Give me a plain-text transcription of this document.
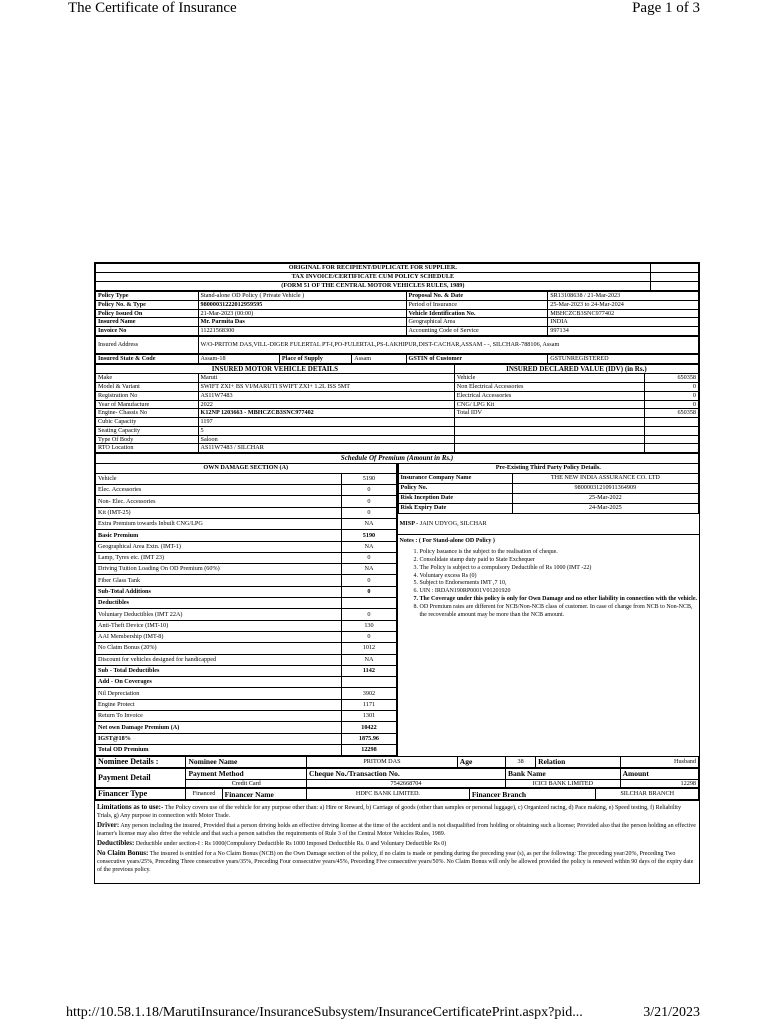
The Certificate of Insurance	Page 1 of 3
ORIGINAL FOR RECIPIENT/DUPLICATE FOR SUPPLIER.	
TAX INVOICE/CERTIFICATE CUM POLICY SCHEDULE	
(FORM 51 OF THE CENTRAL MOTOR VEHICLES RULES, 1989)	
Policy Type	Stand-alone OD Policy ( Private Vehicle )	Proposal No. & Date	SR13108638 / 21-Mar-2023
Policy No. & Type	98000031222012959595	Period of Insurance	25-Mar-2023 to 24-Mar-2024
Policy Issued On	21-Mar-2023 (00:00)	Vehicle Identification No.	MBHCZCB3SNC977402
Insured Name	Mr. Parmita Das	Geographical Area	INDIA
Invoice No	11221568300	Accounting Code of Service	997134
Insured Address	W/O-PRITOM DAS,VILL-DIGER FULERTAL PT-I,PO-FULERTAL,PS-LAKHIPUR,DIST-CACHAR,ASSAM - -, SILCHAR-788106, Assam
Insured State & Code	Assam-18	Place of Supply	Assam	GSTIN of Customer	GSTUNREGISTERED
INSURED MOTOR VEHICLE DETAILS		INSURED DECLARED VALUE (IDV) (in Rs.)	
Make	Maruti	Vehicle	650358
Model & Variant	SWIFT ZXI+ BS VI/MARUTI SWIFT ZXI+ 1.2L ISS 5MT	Non Electrical Accessories	0
Registration No	AS11W7483	Electrical Accessories	0
Year of Manufacture	2022	CNG/ LPG Kit	0
Engine- Chassis No	K12NP 1203663 - MBHCZCB3SNC977402	Total IDV	650358
Cubic Capacity	1197		
Seating Capacity	5		
Type Of Body	Saloon		
RTO Location	AS11W7483 / SILCHAR		
Schedule Of Premium (Amount in Rs.)
OWN DAMAGE SECTION (A)	
Vehicle	5190
Elec. Accessories	0
Non- Elec. Accessories	0
Kit (IMT-25)	0
Extra Premium towards Inbuilt CNG/LPG	NA
Basic Premium	5190
Geographical Area Extn. (IMT-1)	NA
Lamp, Tyres etc. (IMT 23)	0
Driving Tuition Loading On OD Premium (60%)	NA
Fiber Glass Tank	0
Sub-Total Additions	0
Deductibles	
Voluntary Deductibles (IMT 22A)	0
Anti-Theft Device (IMT-10)	130
AAI Membership (IMT-8)	0
No Claim Bonus (20%)	1012
Discount for vehicles designed for handicapped	NA
Sub - Total Deductibles	1142
Add - On Coverages	
Nil Depreciation	3902
Engine Protect	1171
Return To Invoice	1301
Net own Damage Premium (A)	10422
IGST@18%	1875.96
Total OD Premium	12298
Pre-Existing Third Party Policy Details.	
Insurance Company Name	THE NEW INDIA ASSURANCE CO. LTD
Policy No.	98000031210911364909
Risk Inception Date	25-Mar-2022
Risk Expiry Date	24-Mar-2025
MISP - JAIN UDYOG, SILCHAR
Notes : ( For Stand-alone OD Policy )
1. Policy Issuance is the subject to the realisation of cheque.
2. Consolidate stamp duty paid to State Exchequer
3. The Policy is subject to a compulsory Deductible of Rs 1000 (IMT -22)
4. Voluntary excess Rs (0)
5. Subject to Endorsements IMT ,7 10,
6. UIN : IRDAN190RP0001V01201920
7. The Coverage under this policy is only for Own Damage and no other liability in connection with the vehicle.
8. OD Premium rates are different for NCB/Non-NCB class of customer. In case of change from NCB to Non-NCB, the recoverable amount may be more than the NCB amount.
Nominee Details :	Nominee Name	PRITOM DAS	Age	38	Relation	Husband
Payment Detail	Payment Method	Cheque No./Transaction No.	Bank Name	Amount
	Credit Card	7542668704	ICICI BANK LIMITED	12298
Financer Type	Financed	Financer Name	HDFC BANK LIMITED.	Financer Branch	SILCHAR BRANCH
Limitations as to use:- The Policy covers use of the vehicle for any purpose other than: a) Hire or Reward, b) Carriage of goods (other than samples or personal luggage), c) Organized racing, d) Pace making, e) Speed testing, f) Reliability Trials, g) Any purpose in connection with Motor Trade.
Driver: Any person including the insured, Provided that a person driving holds an effective driving license at the time of the accident and is not disqualified from holding or obtaining such a license; Provided also that the person holding an effective learner's license may also drive the vehicle and that such a person satisfies the requirements of Rule 3 of the Central Motor Vehicles Rules, 1989.
Deductibles: Deductible under section-I : Rs 1000(Compulsory Deductible Rs 1000 Imposed Deductible Rs. 0 and Voluntary Deductible Rs 0)
No Claim Bonus: The insured is entitled for a No Claim Bonus (NCB) on the Own Damage section of the policy, if no claim is made or pending during the preceding year (s), as per the following: The preceding year/20%, Preceding Two consecutive years/25%, Preceding Three consecutive years/35%, Preceding Four consecutive years/45%, Preceding Five consecutive years/50%. No Claim Bonus will only be allowed provided the policy is renewed within 90 days of the expiry date of the previous policy.
http://10.58.1.18/MarutiInsurance/InsuranceSubsystem/InsuranceCertificatePrint.aspx?pid...	3/21/2023
